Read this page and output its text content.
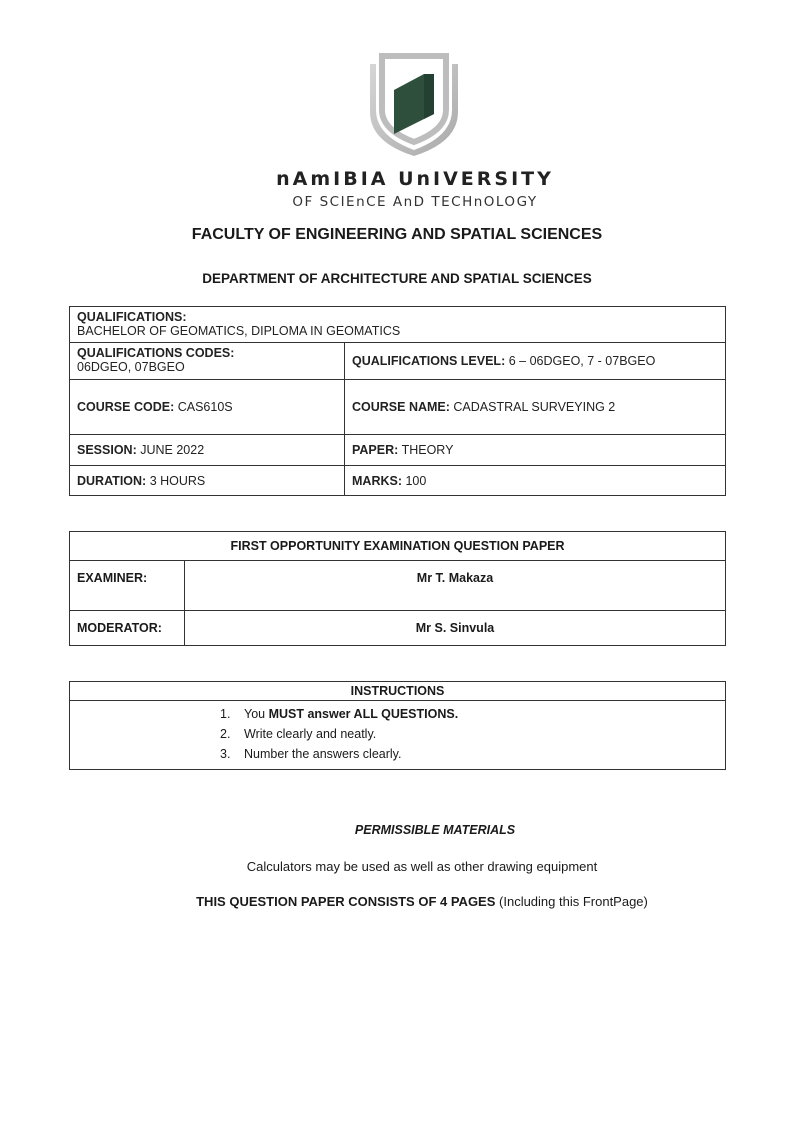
nAmIBIA UnIVERSITY
OF SCIEnCE AnD TECHnOLOGY
FACULTY OF ENGINEERING AND SPATIAL SCIENCES
DEPARTMENT OF ARCHITECTURE AND SPATIAL SCIENCES
QUALIFICATIONS:
BACHELOR OF GEOMATICS, DIPLOMA IN GEOMATICS	

QUALIFICATIONS CODES:
06DGEO, 07BGEO	QUALIFICATIONS LEVEL: 6 – 06DGEO, 7 - 07BGEO
COURSE CODE: CAS610S	COURSE NAME: CADASTRAL SURVEYING 2
SESSION: JUNE 2022	PAPER: THEORY
DURATION: 3 HOURS	MARKS: 100
FIRST OPPORTUNITY EXAMINATION QUESTION PAPER	
EXAMINER:	Mr T. Makaza
MODERATOR:	Mr S. Sinvula
INSTRUCTIONS
1. You MUST answer ALL QUESTIONS.
2. Write clearly and neatly.
3. Number the answers clearly.
PERMISSIBLE MATERIALS
Calculators may be used as well as other drawing equipment
THIS QUESTION PAPER CONSISTS OF 4 PAGES (Including this FrontPage)
